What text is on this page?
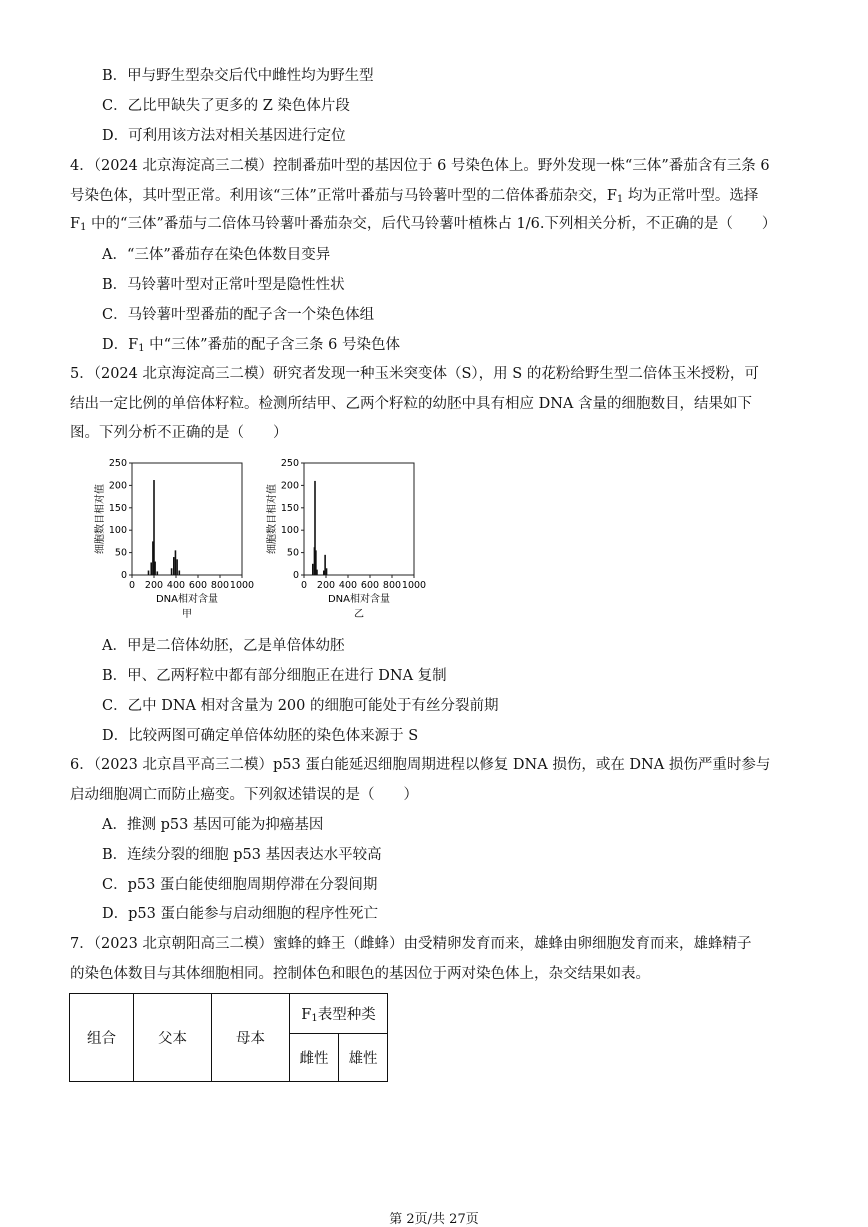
B．甲与野生型杂交后代中雌性均为野生型
C．乙比甲缺失了更多的 Z 染色体片段
D．可利用该方法对相关基因进行定位
4．（2024 北京海淀高三二模）控制番茄叶型的基因位于 6 号染色体上。野外发现一株“三体”番茄含有三条 6
号染色体，其叶型正常。利用该“三体”正常叶番茄与马铃薯叶型的二倍体番茄杂交，$F_1$ 均为正常叶型。选择
$F_1$ 中的“三体”番茄与二倍体马铃薯叶番茄杂交，后代马铃薯叶植株占 1/6.下列相关分析，不正确的是（　　）
A．“三体”番茄存在染色体数目变异
B．马铃薯叶型对正常叶型是隐性性状
C．马铃薯叶型番茄的配子含一个染色体组
D．$F_1$ 中“三体”番茄的配子含三条 6 号染色体
5．（2024 北京海淀高三二模）研究者发现一种玉米突变体（S），用 S 的花粉给野生型二倍体玉米授粉，可
结出一定比例的单倍体籽粒。检测所结甲、乙两个籽粒的幼胚中具有相应 DNA 含量的细胞数目，结果如下
图。下列分析不正确的是（　　）
0
50
100
150
200
250
0 200 400 600 800 1000
DNA相对含量
细胞数目相对值
甲
0
50
100
150
200
250
0 200 400 600 800 1000
DNA相对含量
细胞数目相对值
乙
A．甲是二倍体幼胚，乙是单倍体幼胚
B．甲、乙两籽粒中都有部分细胞正在进行 DNA 复制
C．乙中 DNA 相对含量为 200 的细胞可能处于有丝分裂前期
D．比较两图可确定单倍体幼胚的染色体来源于 S
6．（2023 北京昌平高三二模）p53 蛋白能延迟细胞周期进程以修复 DNA 损伤，或在 DNA 损伤严重时参与
启动细胞凋亡而防止癌变。下列叙述错误的是（　　）
A．推测 p53 基因可能为抑癌基因
B．连续分裂的细胞 p53 基因表达水平较高
C．p53 蛋白能使细胞周期停滞在分裂间期
D．p53 蛋白能参与启动细胞的程序性死亡
7．（2023 北京朝阳高三二模）蜜蜂的蜂王（雌蜂）由受精卵发育而来，雄蜂由卵细胞发育而来，雄蜂精子
的染色体数目与其体细胞相同。控制体色和眼色的基因位于两对染色体上，杂交结果如表。
组合	父本	母本	$F_1$表型种类	
			雌性	雄性
第 2页/共 27页
